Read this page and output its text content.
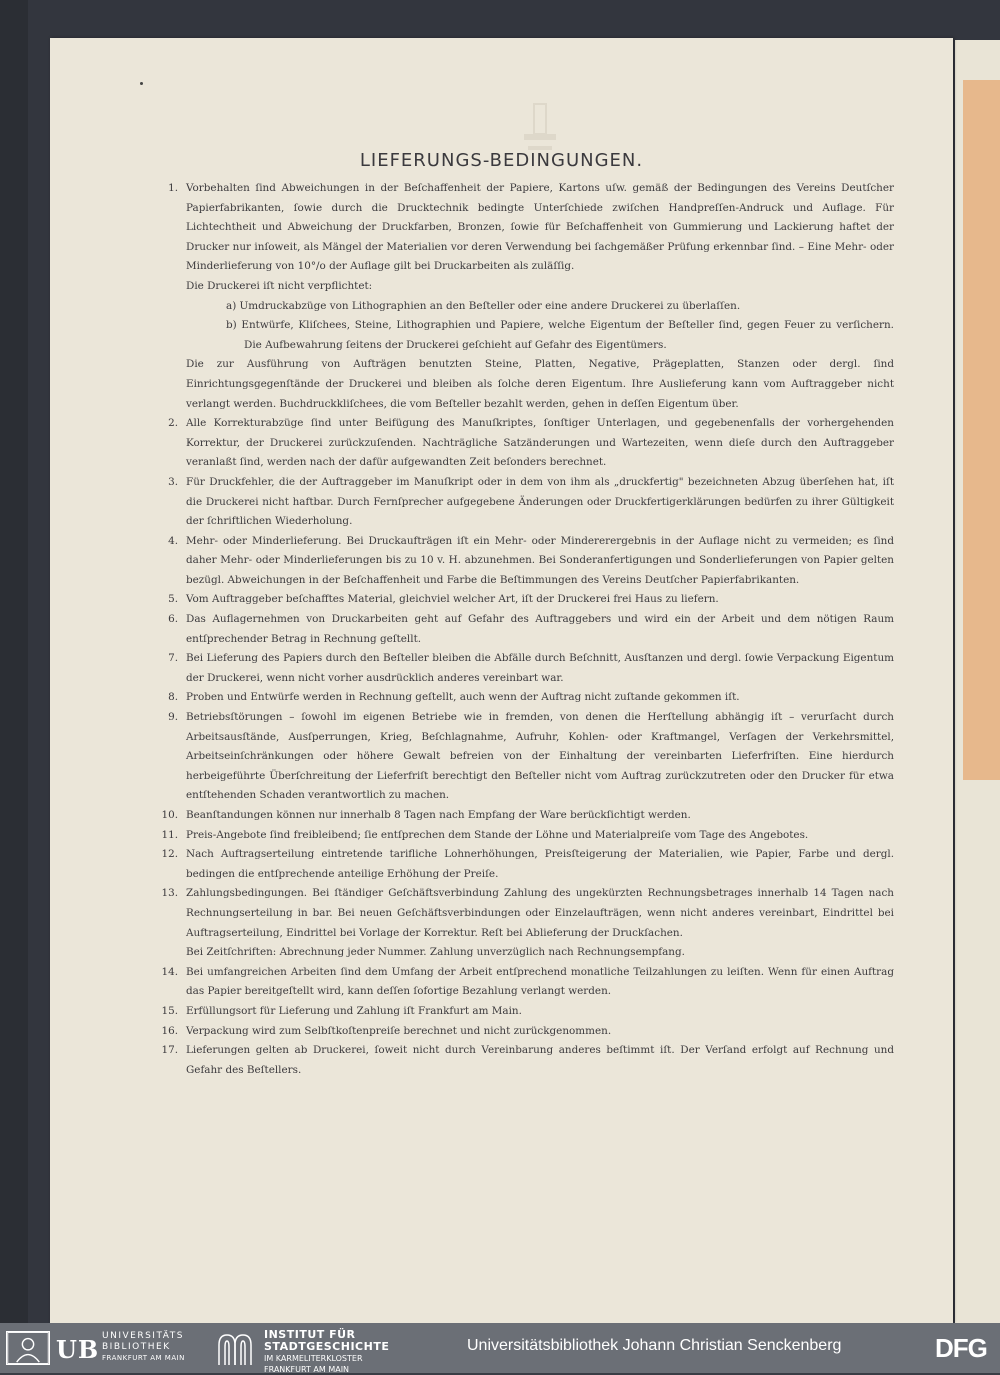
LIEFERUNGS-BEDINGUNGEN.
1. Vorbehalten ſind Abweichungen in der Beſchaffenheit der Papiere, Kartons uſw. gemäß der Bedingungen des Vereins Deutſcher Papierfabrikanten, ſowie durch die Drucktechnik bedingte Unterſchiede zwiſchen Handpreſſen-Andruck und Auflage. Für Lichtechtheit und Abweichung der Druckfarben, Bronzen, ſowie für Beſchaffenheit von Gummierung und Lackierung haftet der Drucker nur inſoweit, als Mängel der Materialien vor deren Verwendung bei ſachgemäßer Prüfung erkennbar ſind. – Eine Mehr- oder Minderlieferung von 10°/o der Auflage gilt bei Druckarbeiten als zuläſſig.
Die Druckerei iſt nicht verpflichtet:
a) Umdruckabzüge von Lithographien an den Beſteller oder eine andere Druckerei zu überlaſſen.
b) Entwürfe, Kliſchees, Steine, Lithographien und Papiere, welche Eigentum der Beſteller ſind, gegen Feuer zu verſichern. Die Aufbewahrung ſeitens der Druckerei geſchieht auf Gefahr des Eigentümers.
Die zur Ausführung von Aufträgen benutzten Steine, Platten, Negative, Prägeplatten, Stanzen oder dergl. ſind Einrichtungsgegenſtände der Druckerei und bleiben als ſolche deren Eigentum. Ihre Auslieferung kann vom Auftraggeber nicht verlangt werden. Buchdruckkliſchees, die vom Beſteller bezahlt werden, gehen in deſſen Eigentum über.
2. Alle Korrekturabzüge ſind unter Beifügung des Manuſkriptes, ſonſtiger Unterlagen, und gegebenenfalls der vorhergehenden Korrektur, der Druckerei zurückzuſenden. Nachträgliche Satzänderungen und Wartezeiten, wenn dieſe durch den Auftraggeber veranlaßt ſind, werden nach der dafür aufgewandten Zeit beſonders berechnet.
3. Für Druckfehler, die der Auftraggeber im Manuſkript oder in dem von ihm als „druckfertig" bezeichneten Abzug überſehen hat, iſt die Druckerei nicht haftbar. Durch Fernſprecher aufgegebene Änderungen oder Druckfertigerklärungen bedürfen zu ihrer Gültigkeit der ſchriftlichen Wiederholung.
4. Mehr- oder Minderlieferung. Bei Druckaufträgen iſt ein Mehr- oder Mindererergebnis in der Auflage nicht zu vermeiden; es ſind daher Mehr- oder Minderlieferungen bis zu 10 v. H. abzunehmen. Bei Sonderanfertigungen und Sonderlieferungen von Papier gelten bezügl. Abweichungen in der Beſchaffenheit und Farbe die Beſtimmungen des Vereins Deutſcher Papierfabrikanten.
5. Vom Auftraggeber beſchafftes Material, gleichviel welcher Art, iſt der Druckerei frei Haus zu liefern.
6. Das Auflagernehmen von Druckarbeiten geht auf Gefahr des Auftraggebers und wird ein der Arbeit und dem nötigen Raum entſprechender Betrag in Rechnung geſtellt.
7. Bei Lieferung des Papiers durch den Beſteller bleiben die Abfälle durch Beſchnitt, Ausſtanzen und dergl. ſowie Verpackung Eigentum der Druckerei, wenn nicht vorher ausdrücklich anderes vereinbart war.
8. Proben und Entwürfe werden in Rechnung geſtellt, auch wenn der Auftrag nicht zuſtande gekommen iſt.
9. Betriebsſtörungen – ſowohl im eigenen Betriebe wie in fremden, von denen die Herſtellung abhängig iſt – verurſacht durch Arbeitsausſtände, Ausſperrungen, Krieg, Beſchlagnahme, Aufruhr, Kohlen- oder Kraftmangel, Verſagen der Verkehrsmittel, Arbeitseinſchränkungen oder höhere Gewalt befreien von der Einhaltung der vereinbarten Lieferfriſten. Eine hierdurch herbeigeführte Überſchreitung der Lieferfriſt berechtigt den Beſteller nicht vom Auftrag zurückzutreten oder den Drucker für etwa entſtehenden Schaden verantwortlich zu machen.
10. Beanſtandungen können nur innerhalb 8 Tagen nach Empfang der Ware berückſichtigt werden.
11. Preis-Angebote ſind freibleibend; ſie entſprechen dem Stande der Löhne und Materialpreiſe vom Tage des Angebotes.
12. Nach Auftragserteilung eintretende tarifliche Lohnerhöhungen, Preisſteigerung der Materialien, wie Papier, Farbe und dergl. bedingen die entſprechende anteilige Erhöhung der Preiſe.
13. Zahlungsbedingungen. Bei ſtändiger Geſchäftsverbindung Zahlung des ungekürzten Rechnungsbetrages innerhalb 14 Tagen nach Rechnungserteilung in bar. Bei neuen Geſchäftsverbindungen oder Einzelaufträgen, wenn nicht anderes vereinbart, Eindrittel bei Auftragserteilung, Eindrittel bei Vorlage der Korrektur. Reſt bei Ablieferung der Druckſachen.
Bei Zeitſchriften: Abrechnung jeder Nummer. Zahlung unverzüglich nach Rechnungsempfang.
14. Bei umfangreichen Arbeiten ſind dem Umfang der Arbeit entſprechend monatliche Teilzahlungen zu leiſten. Wenn für einen Auftrag das Papier bereitgeſtellt wird, kann deſſen ſofortige Bezahlung verlangt werden.
15. Erfüllungsort für Lieferung und Zahlung iſt Frankfurt am Main.
16. Verpackung wird zum Selbſtkoſtenpreiſe berechnet und nicht zurückgenommen.
17. Lieferungen gelten ab Druckerei, ſoweit nicht durch Vereinbarung anderes beſtimmt iſt. Der Verſand erfolgt auf Rechnung und Gefahr des Beſtellers.
UB UNIVERSITÄTS
BIBLIOTHEK
FRANKFURT AM MAIN
INSTITUT FÜR
STADTGESCHICHTE
IM KARMELITERKLOSTER
FRANKFURT AM MAIN
Universitätsbibliothek Johann Christian Senckenberg	DFG
